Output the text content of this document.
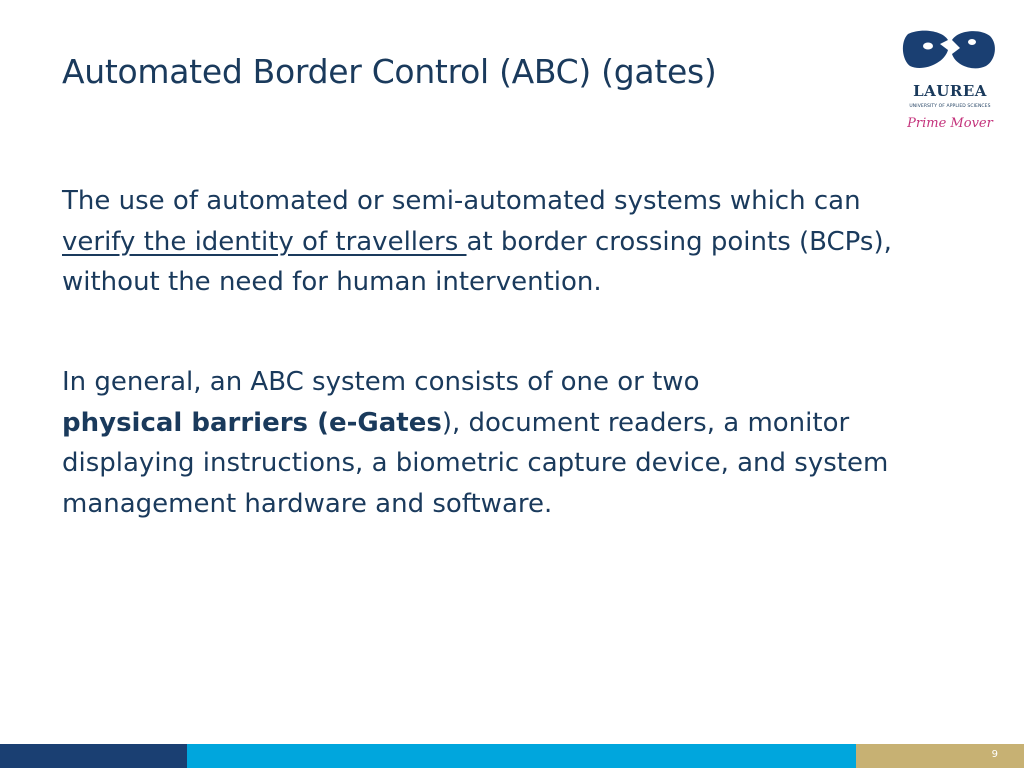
Automated Border Control (ABC) (gates)	LAUREA
UNIVERSITY OF APPLIED SCIENCES
Prime Mover

The use of automated or semi-automated systems which can verify the identity of travellers at border crossing points (BCPs), without the need for human intervention.

In general, an ABC system consists of one or two
physical barriers (e-Gates), document readers, a monitor displaying instructions, a biometric capture device, and system management hardware and software.

9
